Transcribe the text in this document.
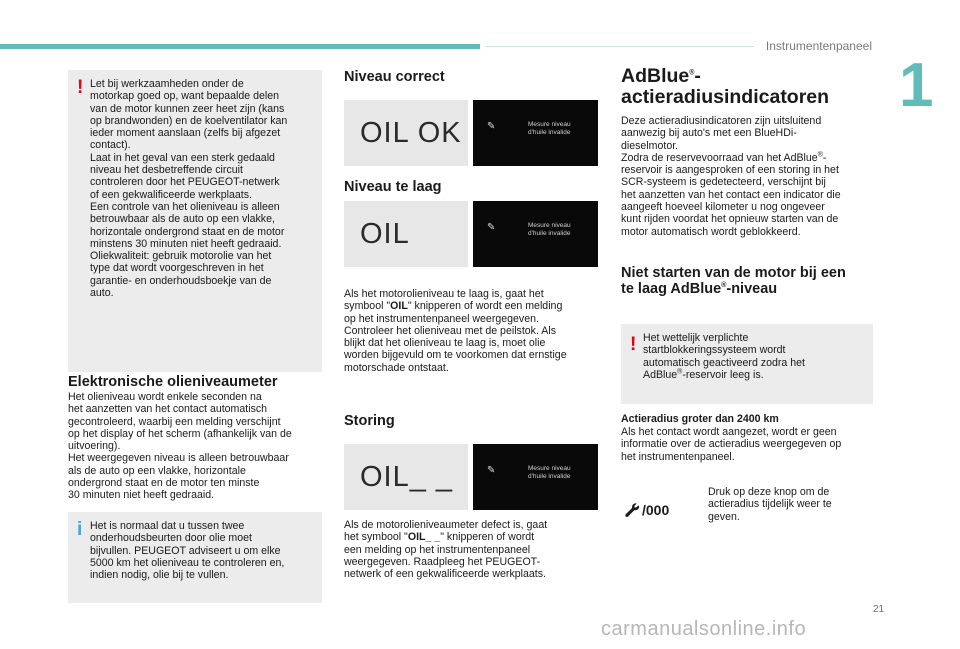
Instrumentenpaneel
1
! Let bij werkzaamheden onder de
motorkap goed op, want bepaalde delen
van de motor kunnen zeer heet zijn (kans
op brandwonden) en de koelventilator kan
ieder moment aanslaan (zelfs bij afgezet
contact).
Laat in het geval van een sterk gedaald
niveau het desbetreffende circuit
controleren door het PEUGEOT-netwerk
of een gekwalificeerde werkplaats.
Een controle van het olieniveau is alleen
betrouwbaar als de auto op een vlakke,
horizontale ondergrond staat en de motor
minstens 30 minuten niet heeft gedraaid.
Oliekwaliteit: gebruik motorolie van het
type dat wordt voorgeschreven in het
garantie- en onderhoudsboekje van de
auto.
Elektronische olieniveaumeter
Het olieniveau wordt enkele seconden na
het aanzetten van het contact automatisch
gecontroleerd, waarbij een melding verschijnt
op het display of het scherm (afhankelijk van de
uitvoering).
Het weergegeven niveau is alleen betrouwbaar
als de auto op een vlakke, horizontale
ondergrond staat en de motor ten minste
30 minuten niet heeft gedraaid.
i Het is normaal dat u tussen twee
onderhoudsbeurten door olie moet
bijvullen. PEUGEOT adviseert u om elke
5000 km het olieniveau te controleren en,
indien nodig, olie bij te vullen.
Niveau correct
OIL OK	✎	Mesure niveau
d'huile invalide
Niveau te laag
OIL	✎	Mesure niveau
d'huile invalide
Als het motorolieniveau te laag is, gaat het
symbool "OIL" knipperen of wordt een melding
op het instrumentenpaneel weergegeven.
Controleer het olieniveau met de peilstok. Als
blijkt dat het olieniveau te laag is, moet olie
worden bijgevuld om te voorkomen dat ernstige
motorschade ontstaat.
Storing
OIL_ _	✎	Mesure niveau
d'huile invalide
Als de motorolieniveaumeter defect is, gaat
het symbool "OIL_ _" knipperen of wordt
een melding op het instrumentenpaneel
weergegeven. Raadpleeg het PEUGEOT-
netwerk of een gekwalificeerde werkplaats.
AdBlue®-
actieradiusindicatoren
Deze actieradiusindicatoren zijn uitsluitend
aanwezig bij auto's met een BlueHDi-
dieselmotor.
Zodra de reservevoorraad van het AdBlue®-
reservoir is aangesproken of een storing in het
SCR-systeem is gedetecteerd, verschijnt bij
het aanzetten van het contact een indicator die
aangeeft hoeveel kilometer u nog ongeveer
kunt rijden voordat het opnieuw starten van de
motor automatisch wordt geblokkeerd.
Niet starten van de motor bij een
te laag AdBlue®-niveau
! Het wettelijk verplichte
startblokkeringssysteem wordt
automatisch geactiveerd zodra het
AdBlue®-reservoir leeg is.
Actieradius groter dan 2400 km
Als het contact wordt aangezet, wordt er geen
informatie over de actieradius weergegeven op
het instrumentenpaneel.
/000
Druk op deze knop om de
actieradius tijdelijk weer te
geven.
21
carmanualsonline.info
